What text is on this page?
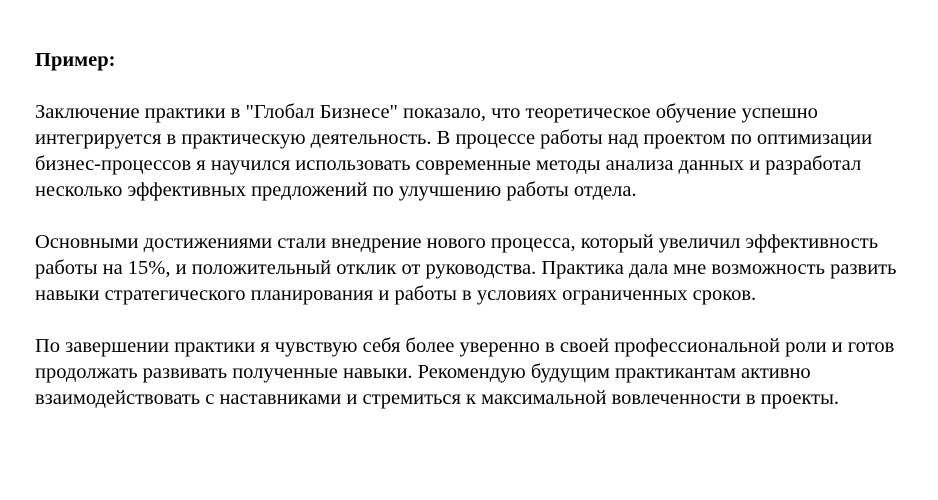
Пример:

Заключение практики в "Глобал Бизнесе" показало, что теоретическое обучение успешно интегрируется в практическую деятельность. В процессе работы над проектом по оптимизации бизнес-процессов я научился использовать современные методы анализа данных и разработал несколько эффективных предложений по улучшению работы отдела.

Основными достижениями стали внедрение нового процесса, который увеличил эффективность работы на 15%, и положительный отклик от руководства. Практика дала мне возможность развить навыки стратегического планирования и работы в условиях ограниченных сроков.

По завершении практики я чувствую себя более уверенно в своей профессиональной роли и готов продолжать развивать полученные навыки. Рекомендую будущим практикантам активно взаимодействовать с наставниками и стремиться к максимальной вовлеченности в проекты.
